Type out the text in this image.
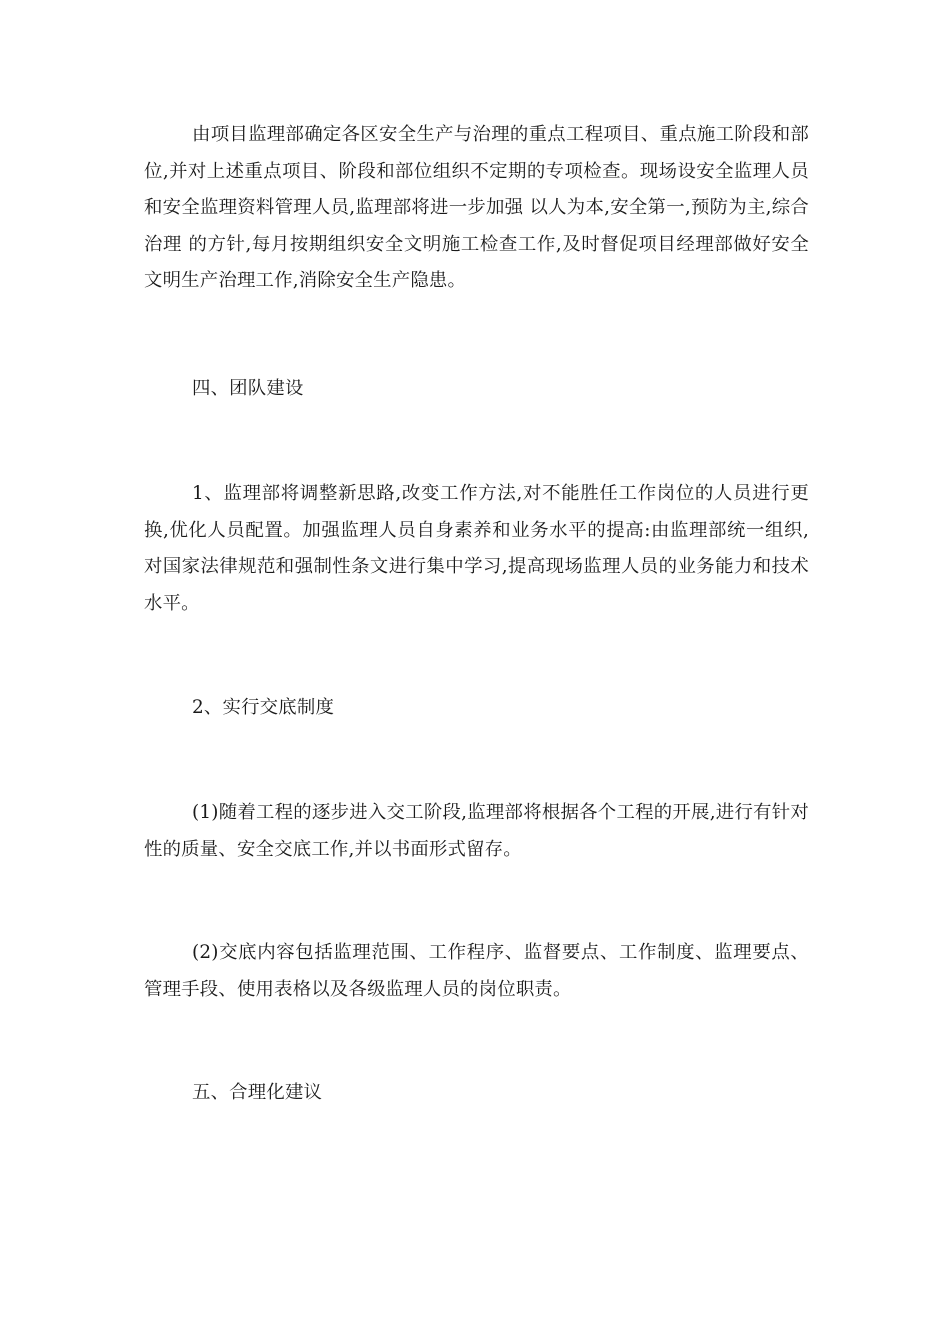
由项目监理部确定各区安全生产与治理的重点工程项目、重点施工阶段和部位,并对上述重点项目、阶段和部位组织不定期的专项检查。现场设安全监理人员和安全监理资料管理人员,监理部将进一步加强 以人为本,安全第一,预防为主,综合治理 的方针,每月按期组织安全文明施工检查工作,及时督促项目经理部做好安全文明生产治理工作,消除安全生产隐患。

四、团队建设

1、监理部将调整新思路,改变工作方法,对不能胜任工作岗位的人员进行更换,优化人员配置。加强监理人员自身素养和业务水平的提高:由监理部统一组织,对国家法律规范和强制性条文进行集中学习,提高现场监理人员的业务能力和技术水平。

2、实行交底制度

(1)随着工程的逐步进入交工阶段,监理部将根据各个工程的开展,进行有针对性的质量、安全交底工作,并以书面形式留存。

(2)交底内容包括监理范围、工作程序、监督要点、工作制度、监理要点、管理手段、使用表格以及各级监理人员的岗位职责。

五、合理化建议
